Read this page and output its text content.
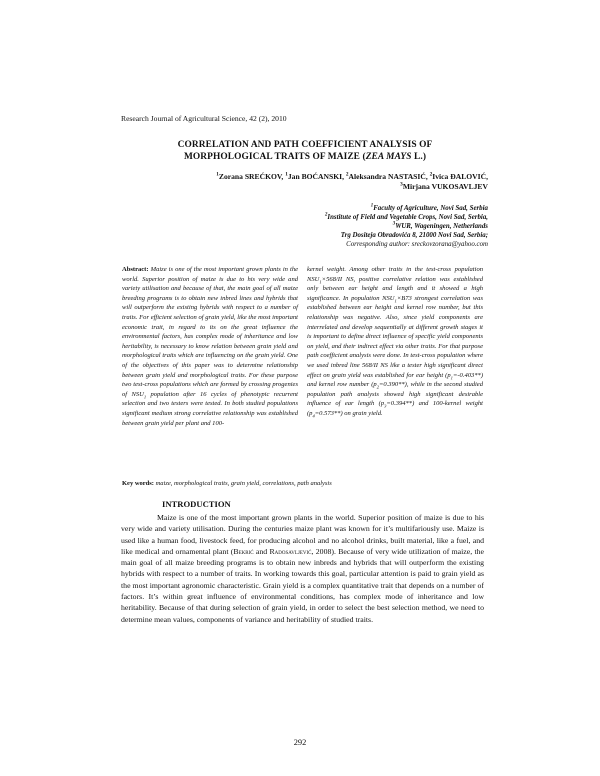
Research Journal of Agricultural Science, 42 (2), 2010
CORRELATION AND PATH COEFFICIENT ANALYSIS OF
MORPHOLOGICAL TRAITS OF MAIZE (ZEA MAYS L.)
$^1$Zorana SREĆKOV, $^1$Jan BOĆANSKI, $^2$Aleksandra NASTASIĆ, $^2$Ivica ĐALOVIĆ,
$^3$Mirjana VUKOSAVLJEV
$^1$Faculty of Agriculture, Novi Sad, Serbia
$^2$Institute of Field and Vegetable Crops, Novi Sad, Serbia,
$^3$WUR, Wageningen, Netherlands
Trg Dositeja Obradovića 8, 21000 Novi Sad, Serbia;
Corresponding author: sreckovzorana@yahoo.com
Abstract: Maize is one of the most important grown plants in the world. Superior position of maize is due to his very wide and variety utilisation and because of that, the main goal of all maize breeding programs is to obtain new inbred lines and hybrids that will outperform the existing hybrids with respect to a number of traits. For efficient selection of grain yield, like the most important economic trait, in regard to its on the great influence the environmental factors, has complex mode of inheritance and low heritability, is necessary to know relation between grain yield and morphological traits which are influencing on the grain yield. One of the objectives of this paper was to determine relationship between grain yield and morphological traits. For these purpose two test-cross populations which are formed by crossing progenies of $NSU_1$ population after 16 cycles of phenotypic recurrent selection and two testers were tested. In both studied populations significant medium strong correlative relationship was established between grain yield per plant and 100-
kernel weight. Among other traits in the test-cross population $NSU_1\times 568/II$ NS, positive correlative relation was established only between ear height and length and it showed a high significance. In population $NSU_1\times B73$ strongest correlation was established between ear height and kernel row number, but this relationship was negative. Also, since yield components are interrelated and develop sequentially at different growth stages it is important to define direct influence of specific yield components on yield, and their indirect effect via other traits. For that purpose path coefficient analysis were done. In test-cross population where we used inbred line 568/II NS like a tester high significant direct effect on grain yield was established for ear height $(p_1=-0.403**)$ and kernel row number $(p_2=0.390**)$, while in the second studied population path analysis showed high significant desirable influence of ear length $(p_3=0.394**)$ and 100-kernel weight $(p_4=0.573**)$ on grain yield.
Key words: maize, morphological traits, grain yield, correlations, path analysis
INTRODUCTION
Maize is one of the most important grown plants in the world. Superior position of maize is due to his very wide and variety utilisation. During the centuries maize plant was known for it’s multifariously use. Maize is used like a human food, livestock feed, for producing alcohol and no alcohol drinks, built material, like a fuel, and like medical and ornamental plant (Bekrić and Radosavljević, 2008). Because of very wide utilization of maize, the main goal of all maize breeding programs is to obtain new inbreds and hybrids that will outperform the existing hybrids with respect to a number of traits. In working towards this goal, particular attention is paid to grain yield as the most important agronomic characteristic. Grain yield is a complex quantitative trait that depends on a number of factors. It’s within great influence of environmental conditions, has complex mode of inheritance and low heritability. Because of that during selection of grain yield, in order to select the best selection method, we need to determine mean values, components of variance and heritability of studied traits.
292
